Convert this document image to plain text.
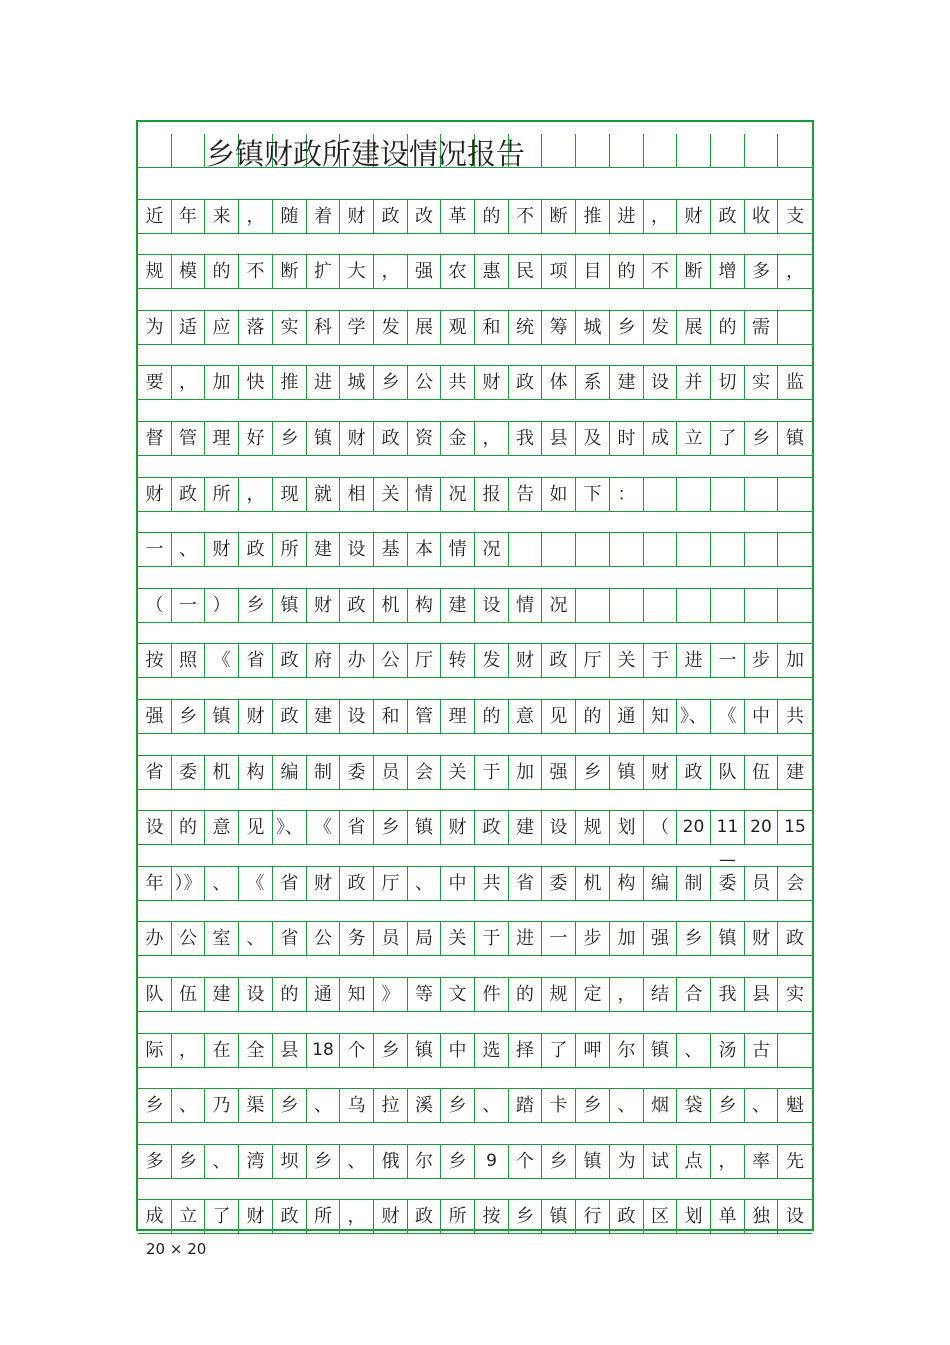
近 年 来 ， 随 着 财 政 改 革 的 不 断 推 进 ， 财 政 收 支
规 模 的 不 断 扩 大 ， 强 农 惠 民 项 目 的 不 断 增 多 ，
为 适 应 落 实 科 学 发 展 观 和 统 筹 城 乡 发 展 的 需
要 ， 加 快 推 进 城 乡 公 共 财 政 体 系 建 设 并 切 实 监
督 管 理 好 乡 镇 财 政 资 金 ， 我 县 及 时 成 立 了 乡 镇
财 政 所 ， 现 就 相 关 情 况 报 告 如 下 ：
一 、 财 政 所 建 设 基 本 情 况
（ 一 ） 乡 镇 财 政 机 构 建 设 情 况
按 照 《 省 政 府 办 公 厅 转 发 财 政 厅 关 于 进 一 步 加
强 乡 镇 财 政 建 设 和 管 理 的 意 见 的 通 知 》、 《 中 共
省 委 机 构 编 制 委 员 会 关 于 加 强 乡 镇 财 政 队 伍 建
设 的 意 见 》、 《 省 乡 镇 财 政 建 设 规 划 （ 20 11—
20 15
年 ）》 、 《 省 财 政 厅 、 中 共 省 委 机 构 编 制 委 员 会
办 公 室 、 省 公 务 员 局 关 于 进 一 步 加 强 乡 镇 财 政
队 伍 建 设 的 通 知 》 等 文 件 的 规 定 ， 结 合 我 县 实
际 ， 在 全 县 18 个 乡 镇 中 选 择 了 呷 尔 镇 、 汤 古
乡 、 乃 渠 乡 、 乌 拉 溪 乡 、 踏 卡 乡 、 烟 袋 乡 、 魁
多 乡 、 湾 坝 乡 、 俄 尔 乡	9	个 乡 镇 为 试 点 ， 率 先
成 立 了 财 政 所 ， 财 政 所 按 乡 镇 行 政 区 划 单 独 设
乡镇财政所建设情况报告
20 × 20
